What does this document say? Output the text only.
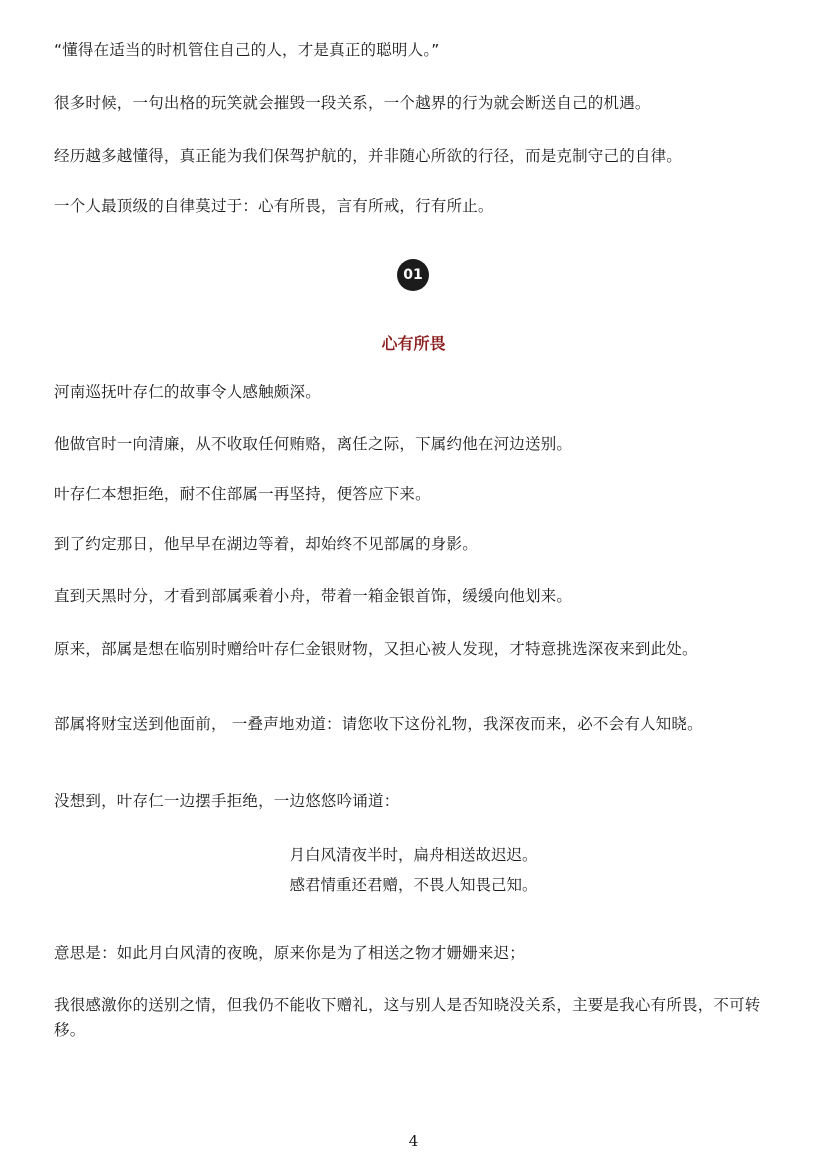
“懂得在适当的时机管住自己的人，才是真正的聪明人。”

很多时候，一句出格的玩笑就会摧毁一段关系，一个越界的行为就会断送自己的机遇。

经历越多越懂得，真正能为我们保驾护航的，并非随心所欲的行径，而是克制守己的自律。

一个人最顶级的自律莫过于：心有所畏，言有所戒，行有所止。

01
心有所畏

河南巡抚叶存仁的故事令人感触颇深。

他做官时一向清廉，从不收取任何贿赂，离任之际，下属约他在河边送别。

叶存仁本想拒绝，耐不住部属一再坚持，便答应下来。

到了约定那日，他早早在湖边等着，却始终不见部属的身影。

直到天黑时分，才看到部属乘着小舟，带着一箱金银首饰，缓缓向他划来。

原来，部属是想在临别时赠给叶存仁金银财物，又担心被人发现，才特意挑选深夜来到此处。

部属将财宝送到他面前， 一叠声地劝道：请您收下这份礼物，我深夜而来，必不会有人知晓。

没想到，叶存仁一边摆手拒绝，一边悠悠吟诵道：

月白风清夜半时，扁舟相送故迟迟。

感君情重还君赠，不畏人知畏己知。

意思是：如此月白风清的夜晚，原来你是为了相送之物才姗姗来迟；

我很感激你的送别之情，但我仍不能收下赠礼，这与别人是否知晓没关系，主要是我心有所畏，不可转移。

4
